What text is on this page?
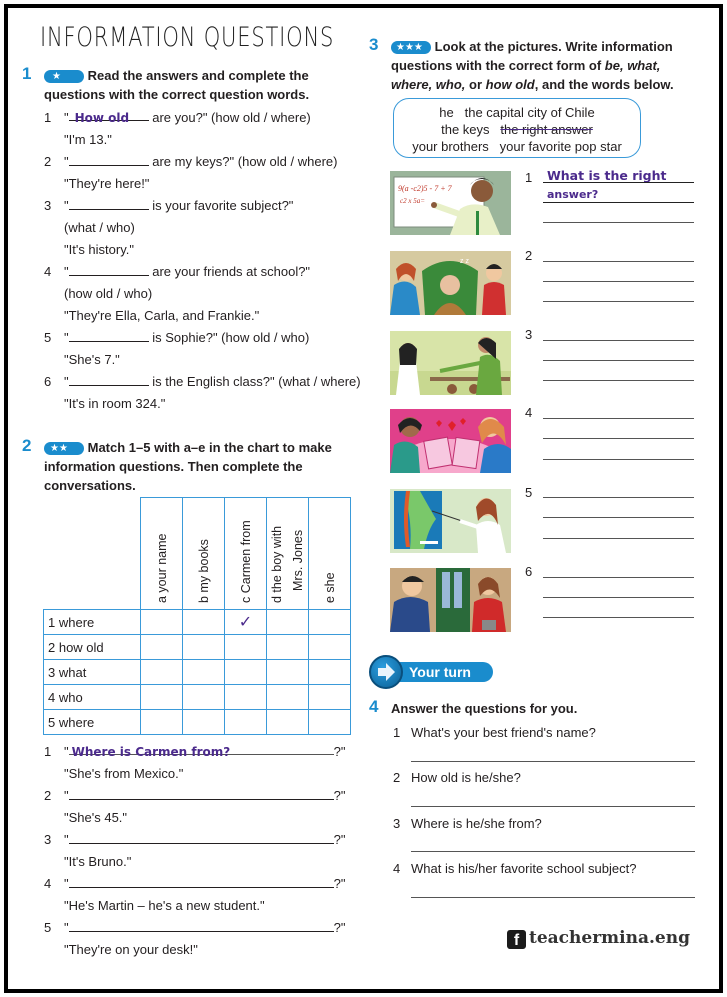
INFORMATION QUESTIONS
1	★ Read the answers and complete the questions with the correct question words.
1 " How old are you?" (how old / where)
"I'm 13."
2 "	are my keys?" (how old / where)
"They're here!"
3 "	is your favorite subject?"
(what / who)
"It's history."
4 "	are your friends at school?"
(how old / who)
"They're Ella, Carla, and Frankie."
5 "	is Sophie?" (how old / who)
"She's 7."
6 "	is the English class?" (what / where)
"It's in room 324."
2	★★ Match 1–5 with a–e in the chart to make information questions. Then complete the conversations.

	a your name	b my books	c Carmen from	d the boy with Mrs. Jones	e she

1 where			✓		
2 how old					
3 what					
4 who					
5 where					
1 " Where is Carmen from?	?"
"She's from Mexico."
2 "	?"
"She's 45."
3 "	?"
"It's Bruno."
4 "	?"
"He's Martin – he's a new student."
5 "	?"
"They're on your desk!"
3	★★★ Look at the pictures. Write information questions with the correct form of be, what, where, who, or how old, and the words below.
he the capital city of Chile
the keys the right answer
your brothers your favorite pop star
9(a -c2)5 - 7 + 7
c2 x 5a=
z z
1 What is the right
answer?
2
3
4
5
6
Your turn
4 Answer the questions for you.
1 What's your best friend's name?
2 How old is he/she?
3 Where is he/she from?
4 What is his/her favorite school subject?
f teachermina.eng
